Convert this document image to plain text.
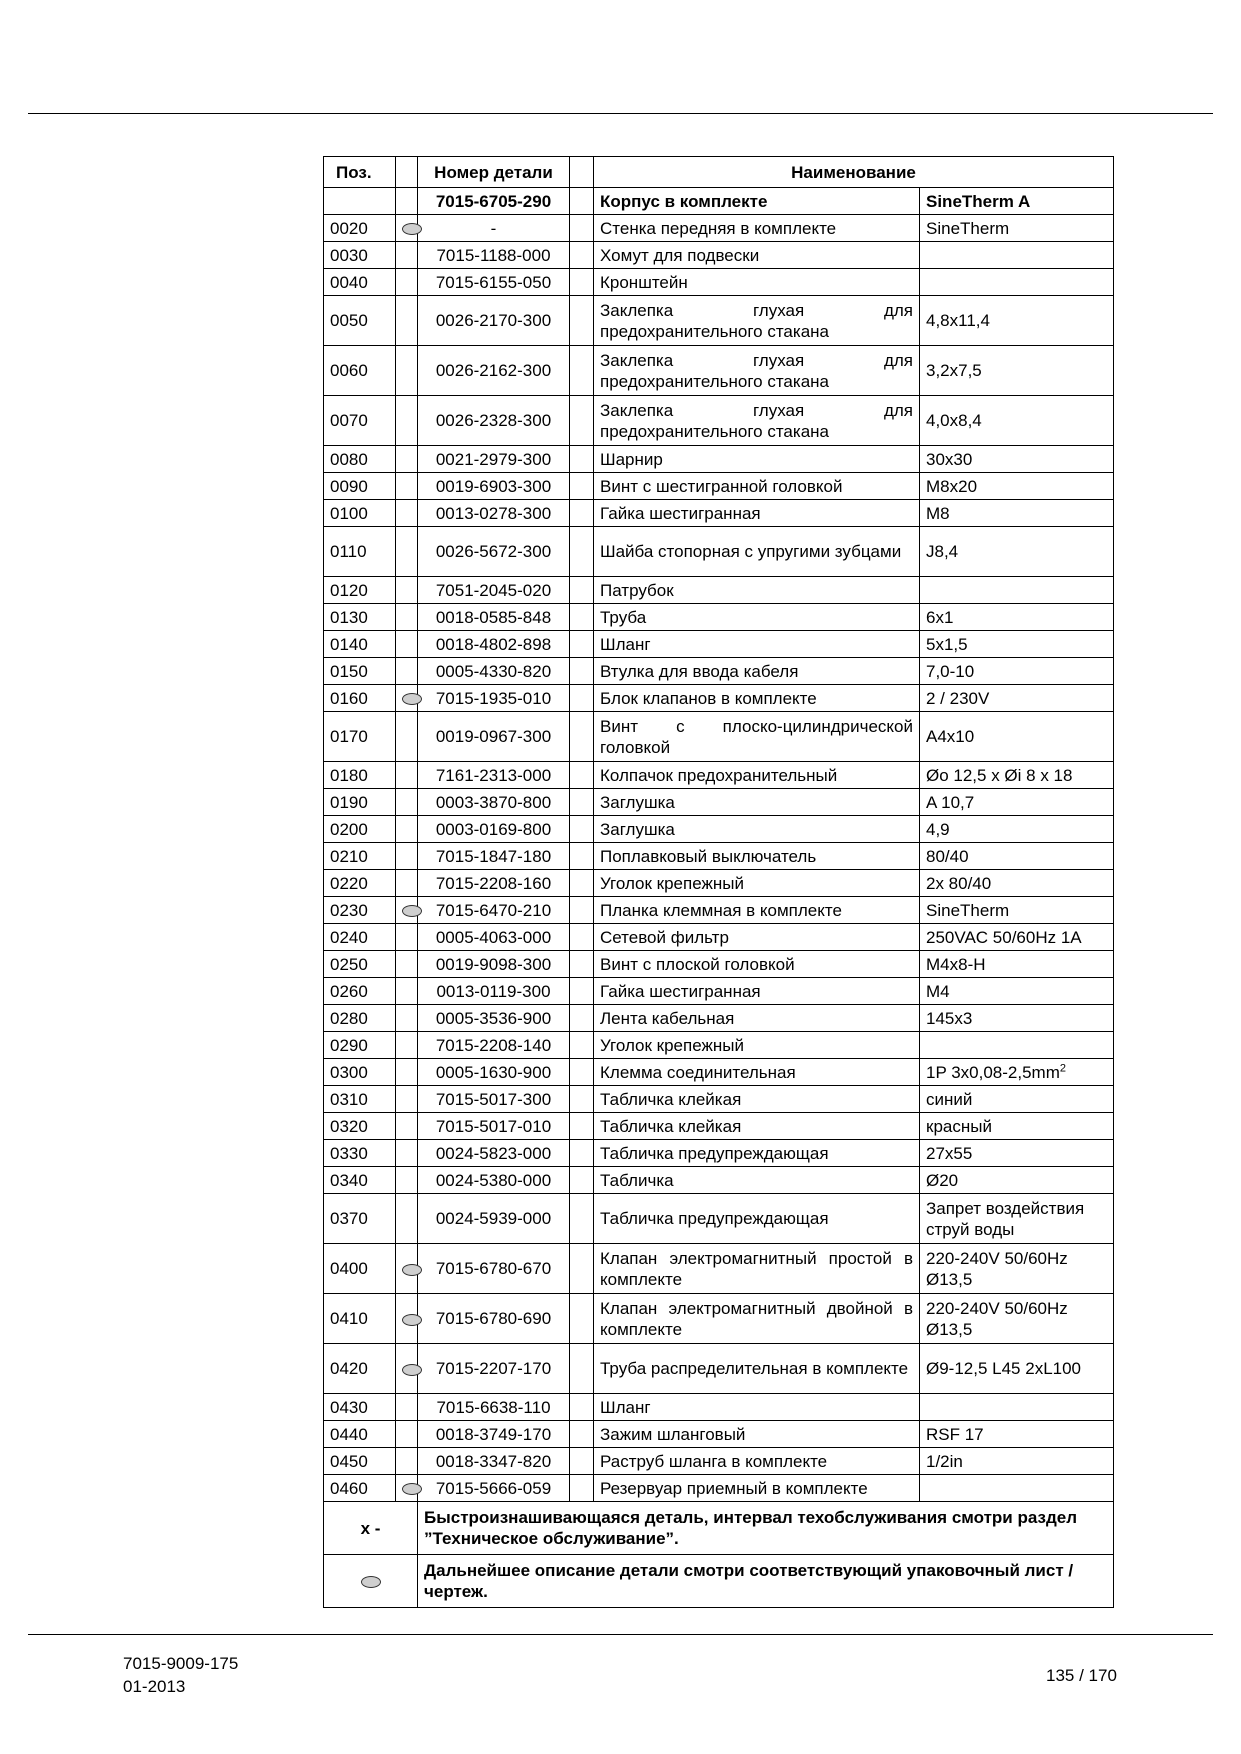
Поз.		Номер детали		Наименование	
		7015-6705-290		Корпус в комплекте	SineTherm A
0020		-		Стенка передняя в комплекте	SineTherm
0030		7015-1188-000		Хомут для подвески	
0040		7015-6155-050		Кронштейн	
0050		0026-2170-300		Заклепка глухая для предохранительного стакана	4,8x11,4
0060		0026-2162-300		Заклепка глухая для предохранительного стакана	3,2x7,5
0070		0026-2328-300		Заклепка глухая для предохранительного стакана	4,0x8,4
0080		0021-2979-300		Шарнир	30x30
0090		0019-6903-300		Винт с шестигранной головкой	M8x20
0100		0013-0278-300		Гайка шестигранная	M8
0110		0026-5672-300		Шайба стопорная с упругими зубцами	J8,4
0120		7051-2045-020		Патрубок	
0130		0018-0585-848		Труба	6x1
0140		0018-4802-898		Шланг	5x1,5
0150		0005-4330-820		Втулка для ввода кабеля	7,0-10
0160		7015-1935-010		Блок клапанов в комплекте	2 / 230V
0170		0019-0967-300		Винт с плоско-цилиндрической головкой	A4x10
0180		7161-2313-000		Колпачок предохранительный	Øo 12,5 x Øi 8 x 18
0190		0003-3870-800		Заглушка	A 10,7
0200		0003-0169-800		Заглушка	4,9
0210		7015-1847-180		Поплавковый выключатель	80/40
0220		7015-2208-160		Уголок крепежный	2x 80/40
0230		7015-6470-210		Планка клеммная в комплекте	SineTherm
0240		0005-4063-000		Сетевой фильтр	250VAC 50/60Hz 1A
0250		0019-9098-300		Винт с плоской головкой	M4x8-H
0260		0013-0119-300		Гайка шестигранная	M4
0280		0005-3536-900		Лента кабельная	145x3
0290		7015-2208-140		Уголок крепежный	
0300		0005-1630-900		Клемма соединительная	1P $3x0,08-2,5mm^2$
0310		7015-5017-300		Табличка клейкая	синий
0320		7015-5017-010		Табличка клейкая	красный
0330		0024-5823-000		Табличка предупреждающая	27x55
0340		0024-5380-000		Табличка	Ø20
0370		0024-5939-000		Табличка предупреждающая	Запрет воздействия струй воды
0400		7015-6780-670		Клапан электромагнитный простой в комплекте	220-240V 50/60Hz Ø13,5
0410		7015-6780-690		Клапан электромагнитный двойной в комплекте	220-240V 50/60Hz Ø13,5
0420		7015-2207-170		Труба распределительная в комплекте	Ø9-12,5 L45 2xL100
0430		7015-6638-110		Шланг	
0440		0018-3749-170		Зажим шланговый	RSF 17
0450		0018-3347-820		Раструб шланга в комплекте	1/2in
0460		7015-5666-059		Резервуар приемный в комплекте	
x -		Быстроизнашивающаяся деталь, интервал техобслуживания смотри раздел ”Техническое обслуживание”.			
		Дальнейшее описание детали смотри соответствующий упаковочный лист / чертеж.			
7015-9009-175
01-2013
135 / 170
